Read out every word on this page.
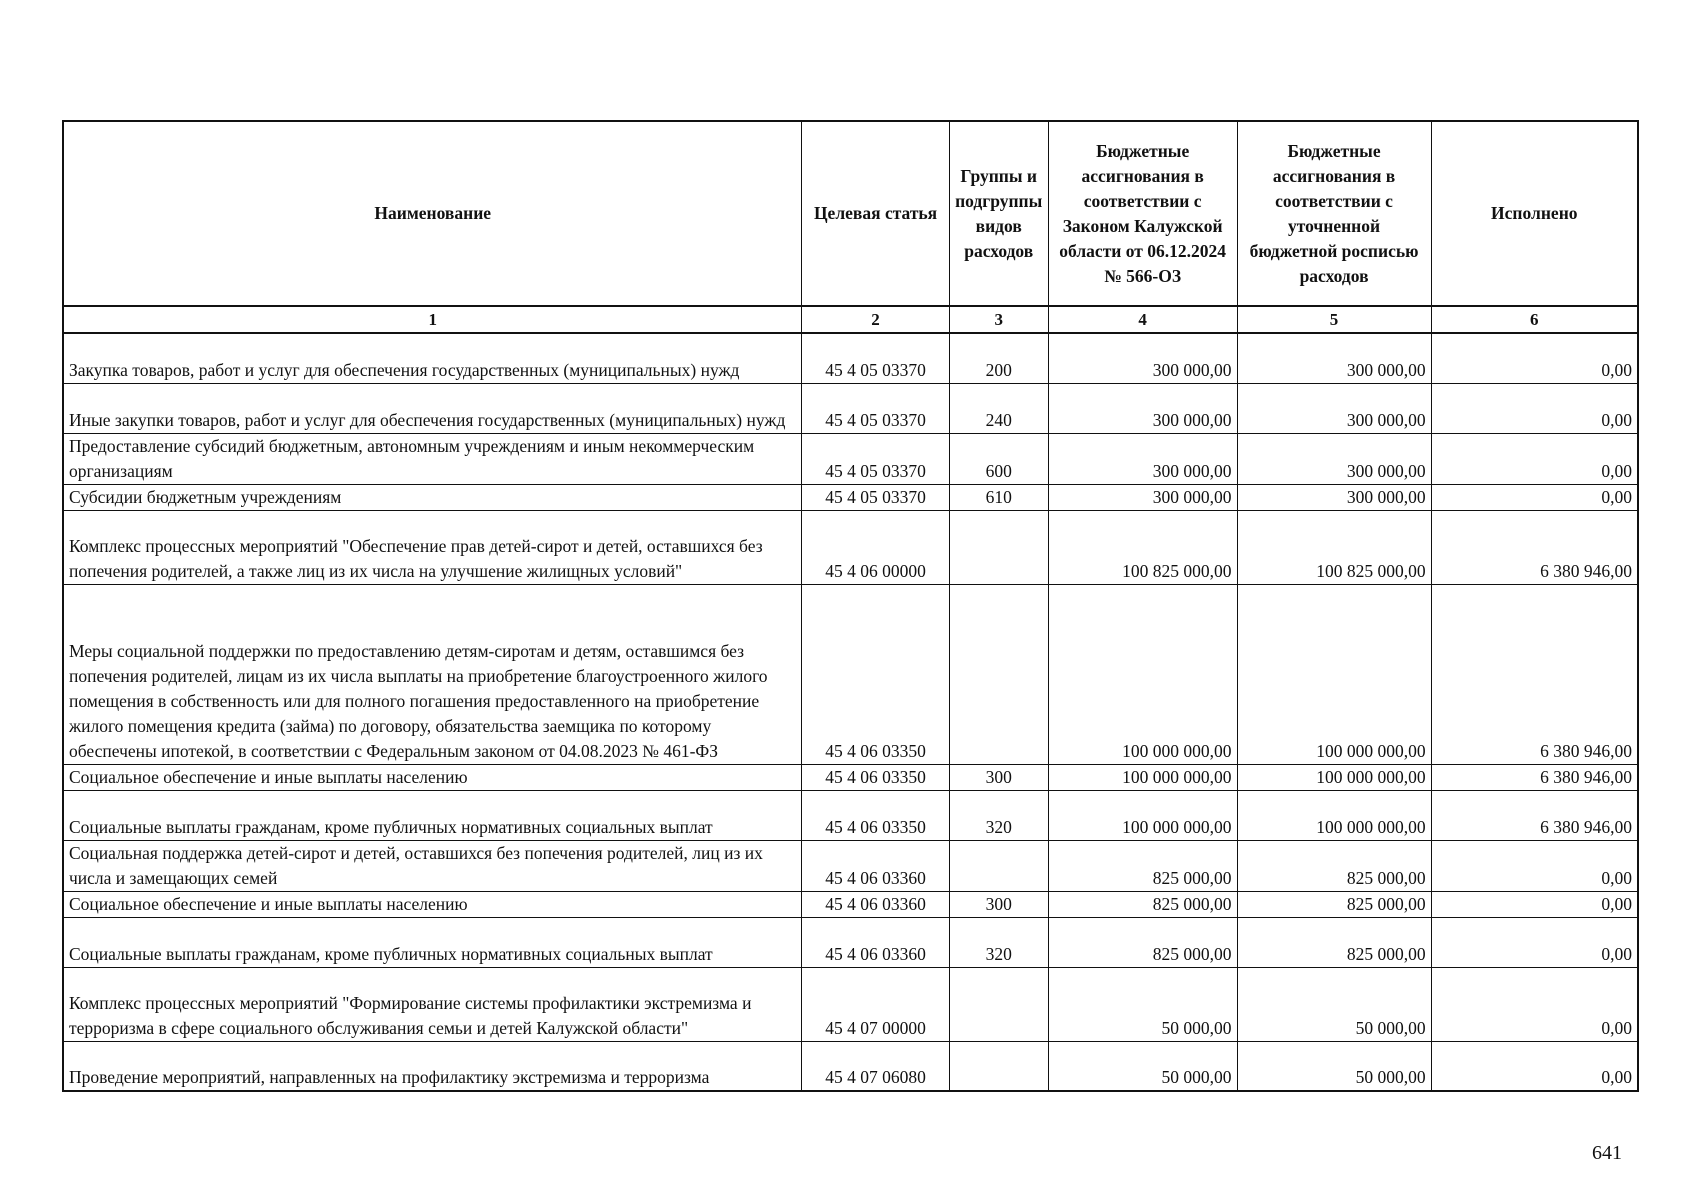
Наименование	Целевая статья	Группы и подгруппы видов расходов	Бюджетные ассигнования в соответствии с Законом Калужской области от 06.12.2024 № 566-ОЗ	Бюджетные ассигнования в соответствии с уточненной бюджетной росписью расходов	Исполнено
1	2	3	4	5	6
Закупка товаров, работ и услуг для обеспечения государственных (муниципальных) нужд	45 4 05 03370	200	300 000,00	300 000,00	0,00
Иные закупки товаров, работ и услуг для обеспечения государственных (муниципальных) нужд	45 4 05 03370	240	300 000,00	300 000,00	0,00
Предоставление субсидий бюджетным, автономным учреждениям и иным некоммерческим организациям	45 4 05 03370	600	300 000,00	300 000,00	0,00
Субсидии бюджетным учреждениям	45 4 05 03370	610	300 000,00	300 000,00	0,00
Комплекс процессных мероприятий "Обеспечение прав детей-сирот и детей, оставшихся без попечения родителей, а также лиц из их числа на улучшение жилищных условий"	45 4 06 00000		100 825 000,00	100 825 000,00	6 380 946,00
Меры социальной поддержки по предоставлению детям-сиротам и детям, оставшимся без попечения родителей, лицам из их числа выплаты на приобретение благоустроенного жилого помещения в собственность или для полного погашения предоставленного на приобретение жилого помещения кредита (займа) по договору, обязательства заемщика по которому обеспечены ипотекой, в соответствии с Федеральным законом от 04.08.2023 № 461-ФЗ	45 4 06 03350		100 000 000,00	100 000 000,00	6 380 946,00
Социальное обеспечение и иные выплаты населению	45 4 06 03350	300	100 000 000,00	100 000 000,00	6 380 946,00
Социальные выплаты гражданам, кроме публичных нормативных социальных выплат	45 4 06 03350	320	100 000 000,00	100 000 000,00	6 380 946,00
Социальная поддержка детей-сирот и детей, оставшихся без попечения родителей, лиц из их числа и замещающих семей	45 4 06 03360		825 000,00	825 000,00	0,00
Социальное обеспечение и иные выплаты населению	45 4 06 03360	300	825 000,00	825 000,00	0,00
Социальные выплаты гражданам, кроме публичных нормативных социальных выплат	45 4 06 03360	320	825 000,00	825 000,00	0,00
Комплекс процессных мероприятий "Формирование системы профилактики экстремизма и терроризма в сфере социального обслуживания семьи и детей Калужской области"	45 4 07 00000		50 000,00	50 000,00	0,00
Проведение мероприятий, направленных на профилактику экстремизма и терроризма	45 4 07 06080		50 000,00	50 000,00	0,00
641
